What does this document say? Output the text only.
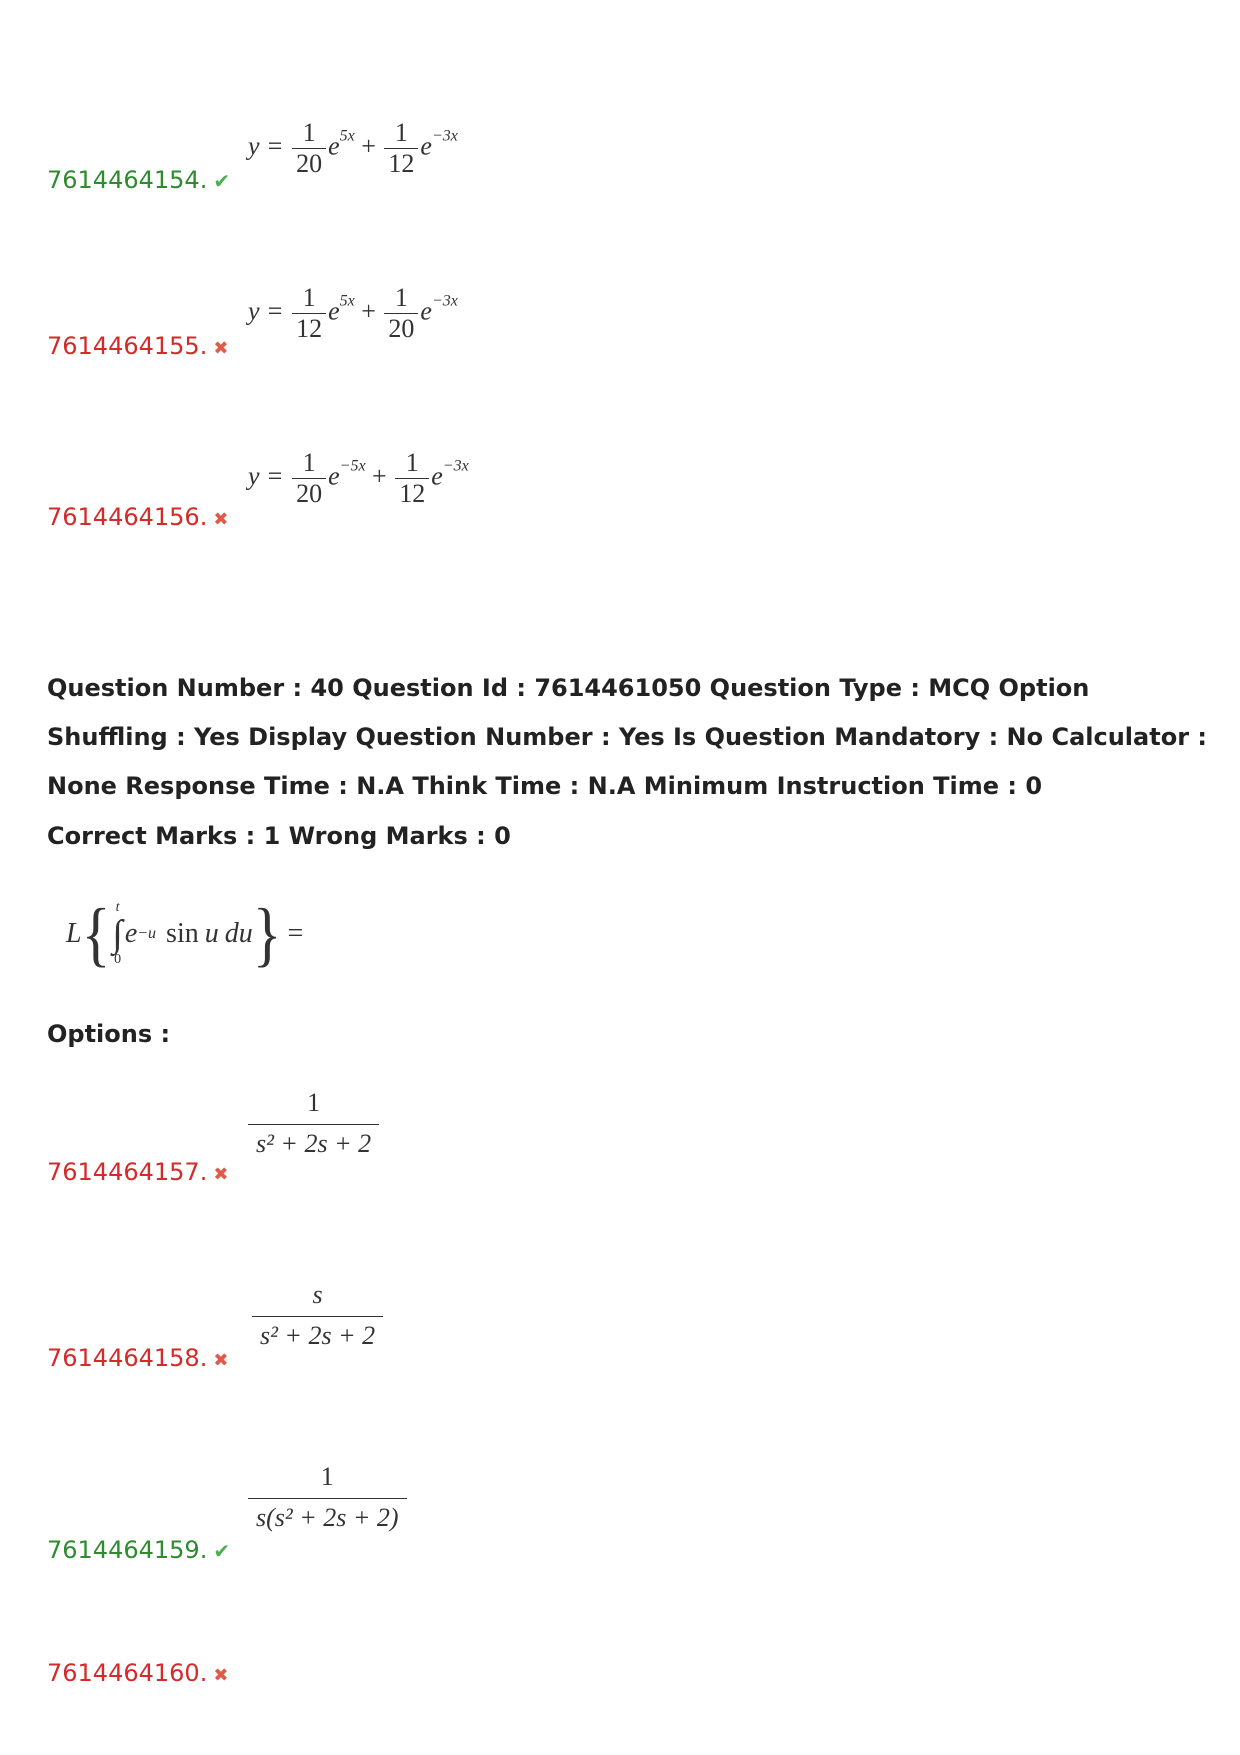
7614464154. ✔
$y = \frac{1}{20} e^{5x} + \frac{1}{12} e^{-3x}$
7614464155. ✖
$y = \frac{1}{12} e^{5x} + \frac{1}{20} e^{-3x}$
7614464156. ✖
$y = \frac{1}{20} e^{-5x} + \frac{1}{12} e^{-3x}$
Question Number : 40 Question Id : 7614461050 Question Type : MCQ Option Shuffling : Yes Display Question Number : Yes Is Question Mandatory : No Calculator : None Response Time : N.A Think Time : N.A Minimum Instruction Time : 0
Correct Marks : 1 Wrong Marks : 0
L { t
∫
0
e −u sin u du } =
Options :
7614464157. ✖
$\frac{1}{\text{s² + 2s + 2}}$
7614464158. ✖
$\frac{s}{\text{s² + 2s + 2}}$
7614464159. ✔
$\frac{1}{\text{s(s² + 2s + 2)}}$
7614464160. ✖
